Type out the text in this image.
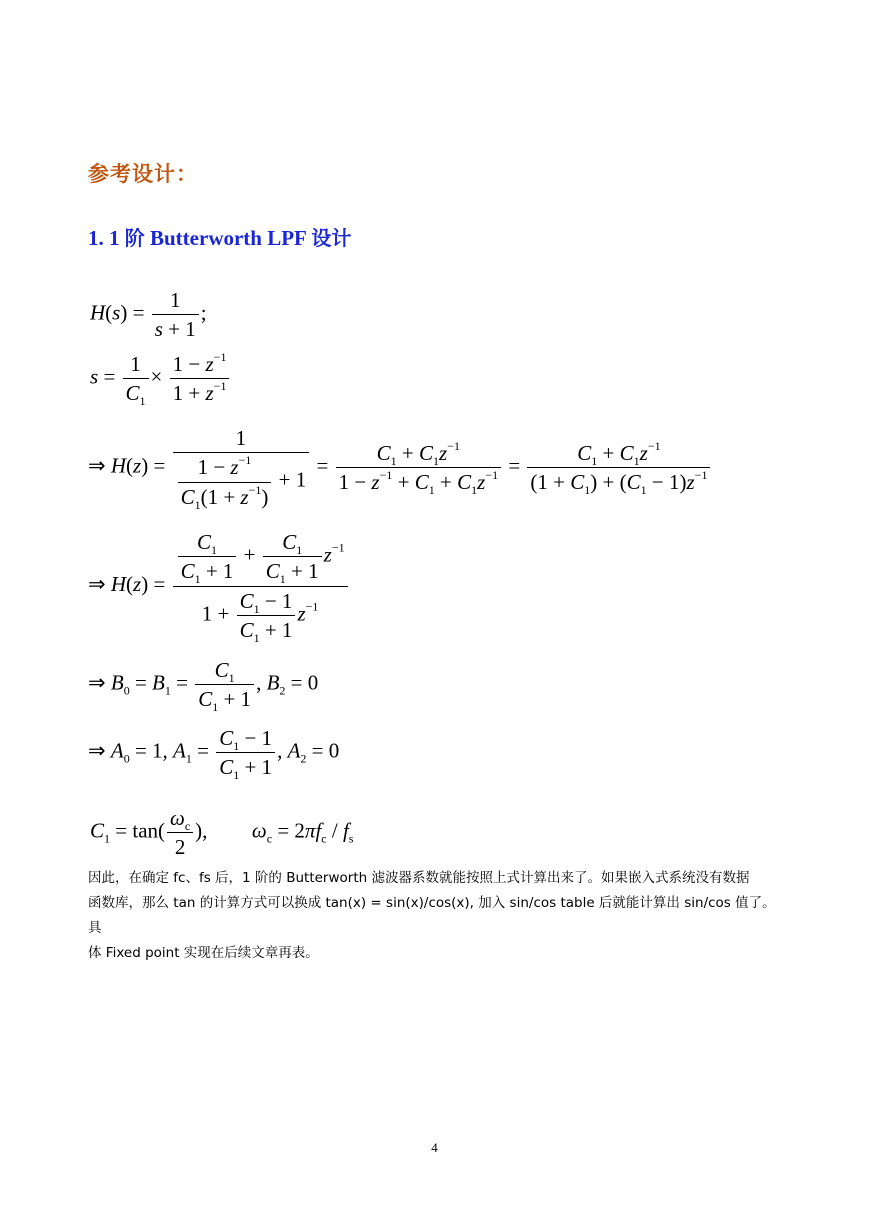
参考设计：
1. 1 阶 Butterworth LPF 设计
$H(s) = \frac{1}{s + 1}$ ;
$s = \frac{1}{C_1} \times \frac{1 - z^{-1}}{1 + z^{-1}}$
⇒ $H(z) = \frac{1}{\frac{1 - z^{-1}}{C_1(1 + z^{-1})} + 1} = \frac{C_1 + C_1z^{-1}}{1 - z^{-1} + C_1 + C_1z^{-1}} = \frac{C_1 + C_1z^{-1}}{(1 + C_1) + (C_1 - 1)z^{-1}}$
⇒ $H(z) = \frac{\frac{C_1}{C_1 + 1} + \frac{C_1}{C_1 + 1} z^{-1}}{1 + \frac{C_1 - 1}{C_1 + 1} z^{-1}}$
⇒ $B_0 = B_1 = \frac{C_1}{C_1 + 1}$ , $B_2 = 0$
⇒ $A_0 = 1$, $A_1 = \frac{C_1 - 1}{C_1 + 1}$ , $A_2 = 0$
$C_1 = \tan( \frac{\omega_c}{2}$ ),  $\omega_c = 2\pi f_c / f_s$
因此，在确定 fc、fs 后，1 阶的 Butterworth 滤波器系数就能按照上式计算出来了。如果嵌入式系统没有数据
函数库，那么 tan 的计算方式可以换成 tan(x) = sin(x)/cos(x), 加入 sin/cos table 后就能计算出 sin/cos 值了。具
体 Fixed point 实现在后续文章再表。
4
